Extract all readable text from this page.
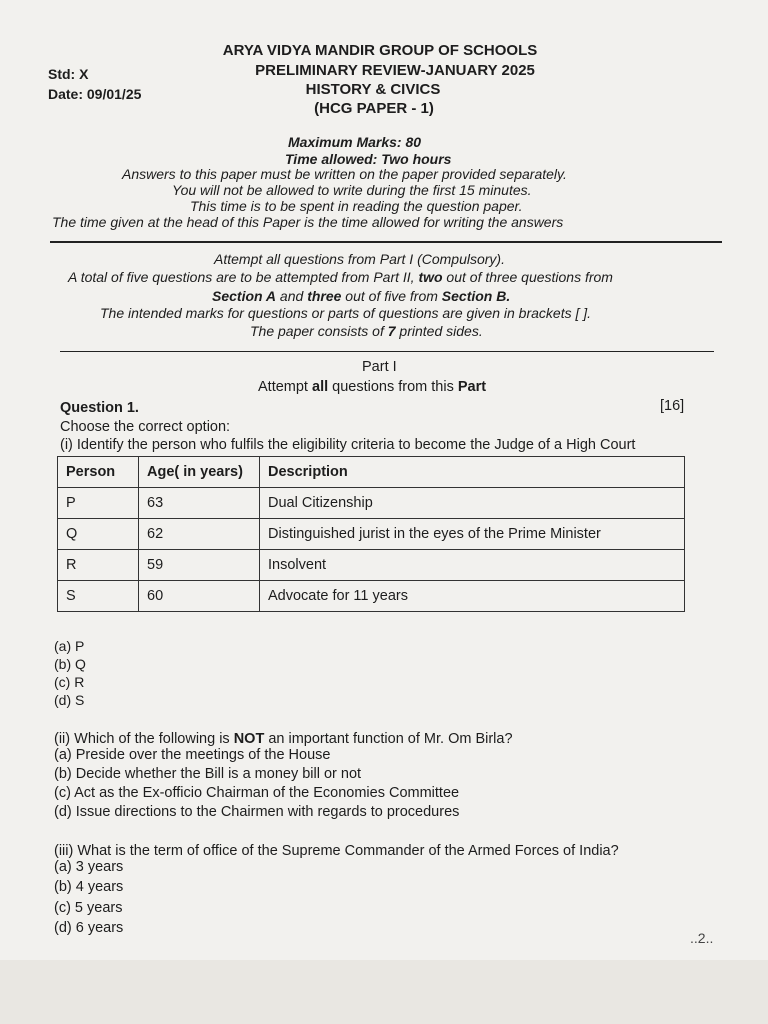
Std: X
Date: 09/01/25
ARYA VIDYA MANDIR GROUP OF SCHOOLS
PRELIMINARY REVIEW-JANUARY 2025
HISTORY & CIVICS
(HCG PAPER - 1)
Maximum Marks: 80
Time allowed: Two hours
Answers to this paper must be written on the paper provided separately.
You will not be allowed to write during the first 15 minutes.
This time is to be spent in reading the question paper.
The time given at the head of this Paper is the time allowed for writing the answers
Attempt all questions from Part I (Compulsory).
A total of five questions are to be attempted from Part II, two out of three questions from
Section A and three out of five from Section B.
The intended marks for questions or parts of questions are given in brackets [ ].
The paper consists of 7 printed sides.
Part I
Attempt all questions from this Part
Question 1.	[16]
Choose the correct option:
(i) Identify the person who fulfils the eligibility criteria to become the Judge of a High Court
Person	Age( in years)	Description
P	63	Dual Citizenship
Q	62	Distinguished jurist in the eyes of the Prime Minister
R	59	Insolvent
S	60	Advocate for 11 years
(a) P
(b) Q
(c) R
(d) S
(ii) Which of the following is NOT an important function of Mr. Om Birla?
(a) Preside over the meetings of the House
(b) Decide whether the Bill is a money bill or not
(c) Act as the Ex-officio Chairman of the Economies Committee
(d) Issue directions to the Chairmen with regards to procedures
(iii) What is the term of office of the Supreme Commander of the Armed Forces of India?
(a) 3 years
(b) 4 years
(c) 5 years
(d) 6 years
..2..
